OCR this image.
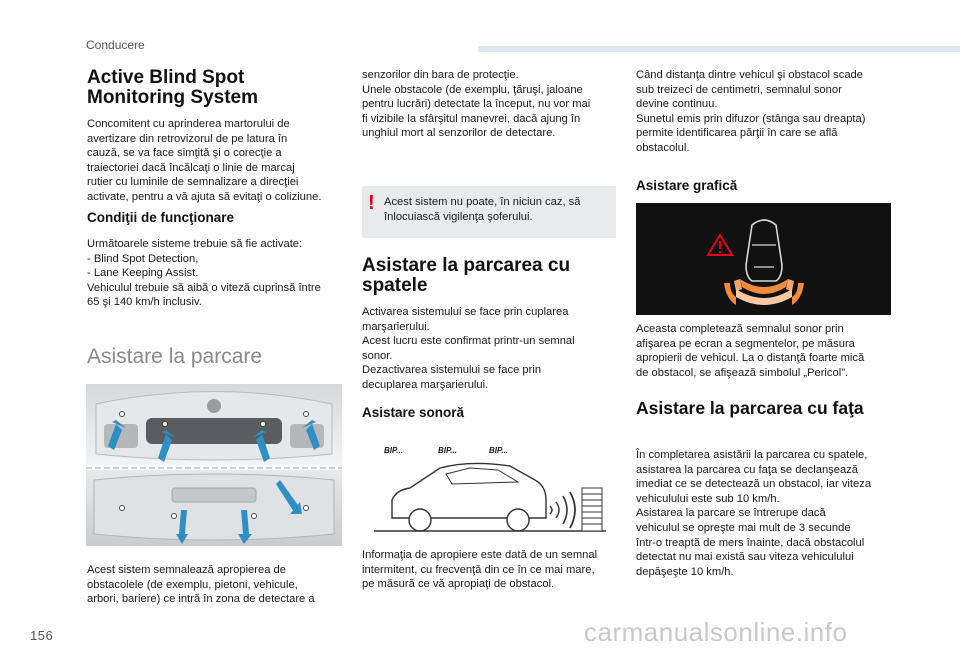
Conducere
Active Blind Spot
Monitoring System
Concomitent cu aprinderea martorului de
avertizare din retrovizorul de pe latura în
cauză, se va face simţită şi o corecţie a
traiectoriei dacă încălcaţi o linie de marcaj
rutier cu luminile de semnalizare a direcţiei
activate, pentru a vă ajuta să evitaţi o coliziune.
Condiţii de funcţionare
Următoarele sisteme trebuie să fie activate:
- Blind Spot Detection,
- Lane Keeping Assist.
Vehiculul trebuie să aibă o viteză cuprinsă între
65 şi 140 km/h inclusiv.
Asistare la parcare
Acest sistem semnalează apropierea de
obstacolele (de exemplu, pietoni, vehicule,
arbori, bariere) ce intră în zona de detectare a
senzorilor din bara de protecţie.
Unele obstacole (de exemplu, ţăruşi, jaloane
pentru lucrări) detectate la început, nu vor mai
fi vizibile la sfârşitul manevrei, dacă ajung în
unghiul mort al senzorilor de detectare.
! Acest sistem nu poate, în niciun caz, să
înlocuiască vigilenţa şoferului.
Asistare la parcarea cu
spatele
Activarea sistemului se face prin cuplarea
marşarierului.
Acest lucru este confirmat printr-un semnal
sonor.
Dezactivarea sistemului se face prin
decuplarea marşarierului.
Asistare sonoră
BIP...	BIP...	BIP...
Informaţia de apropiere este dată de un semnal
intermitent, cu frecvenţă din ce în ce mai mare,
pe măsură ce vă apropiaţi de obstacol.
Când distanţa dintre vehicul şi obstacol scade
sub treizeci de centimetri, semnalul sonor
devine continuu.
Sunetul emis prin difuzor (stânga sau dreapta)
permite identificarea părţii în care se află
obstacolul.
Asistare grafică
Aceasta completează semnalul sonor prin
afişarea pe ecran a segmentelor, pe măsura
apropierii de vehicul. La o distanţă foarte mică
de obstacol, se afişează simbolul „Pericol”.
Asistare la parcarea cu faţa
În completarea asistării la parcarea cu spatele,
asistarea la parcarea cu faţa se declanşează
imediat ce se detectează un obstacol, iar viteza
vehiculului este sub 10 km/h.
Asistarea la parcare se întrerupe dacă
vehiculul se opreşte mai mult de 3 secunde
într-o treaptă de mers înainte, dacă obstacolul
detectat nu mai există sau viteza vehiculului
depăşeşte 10 km/h.
156	carmanualsonline.info
